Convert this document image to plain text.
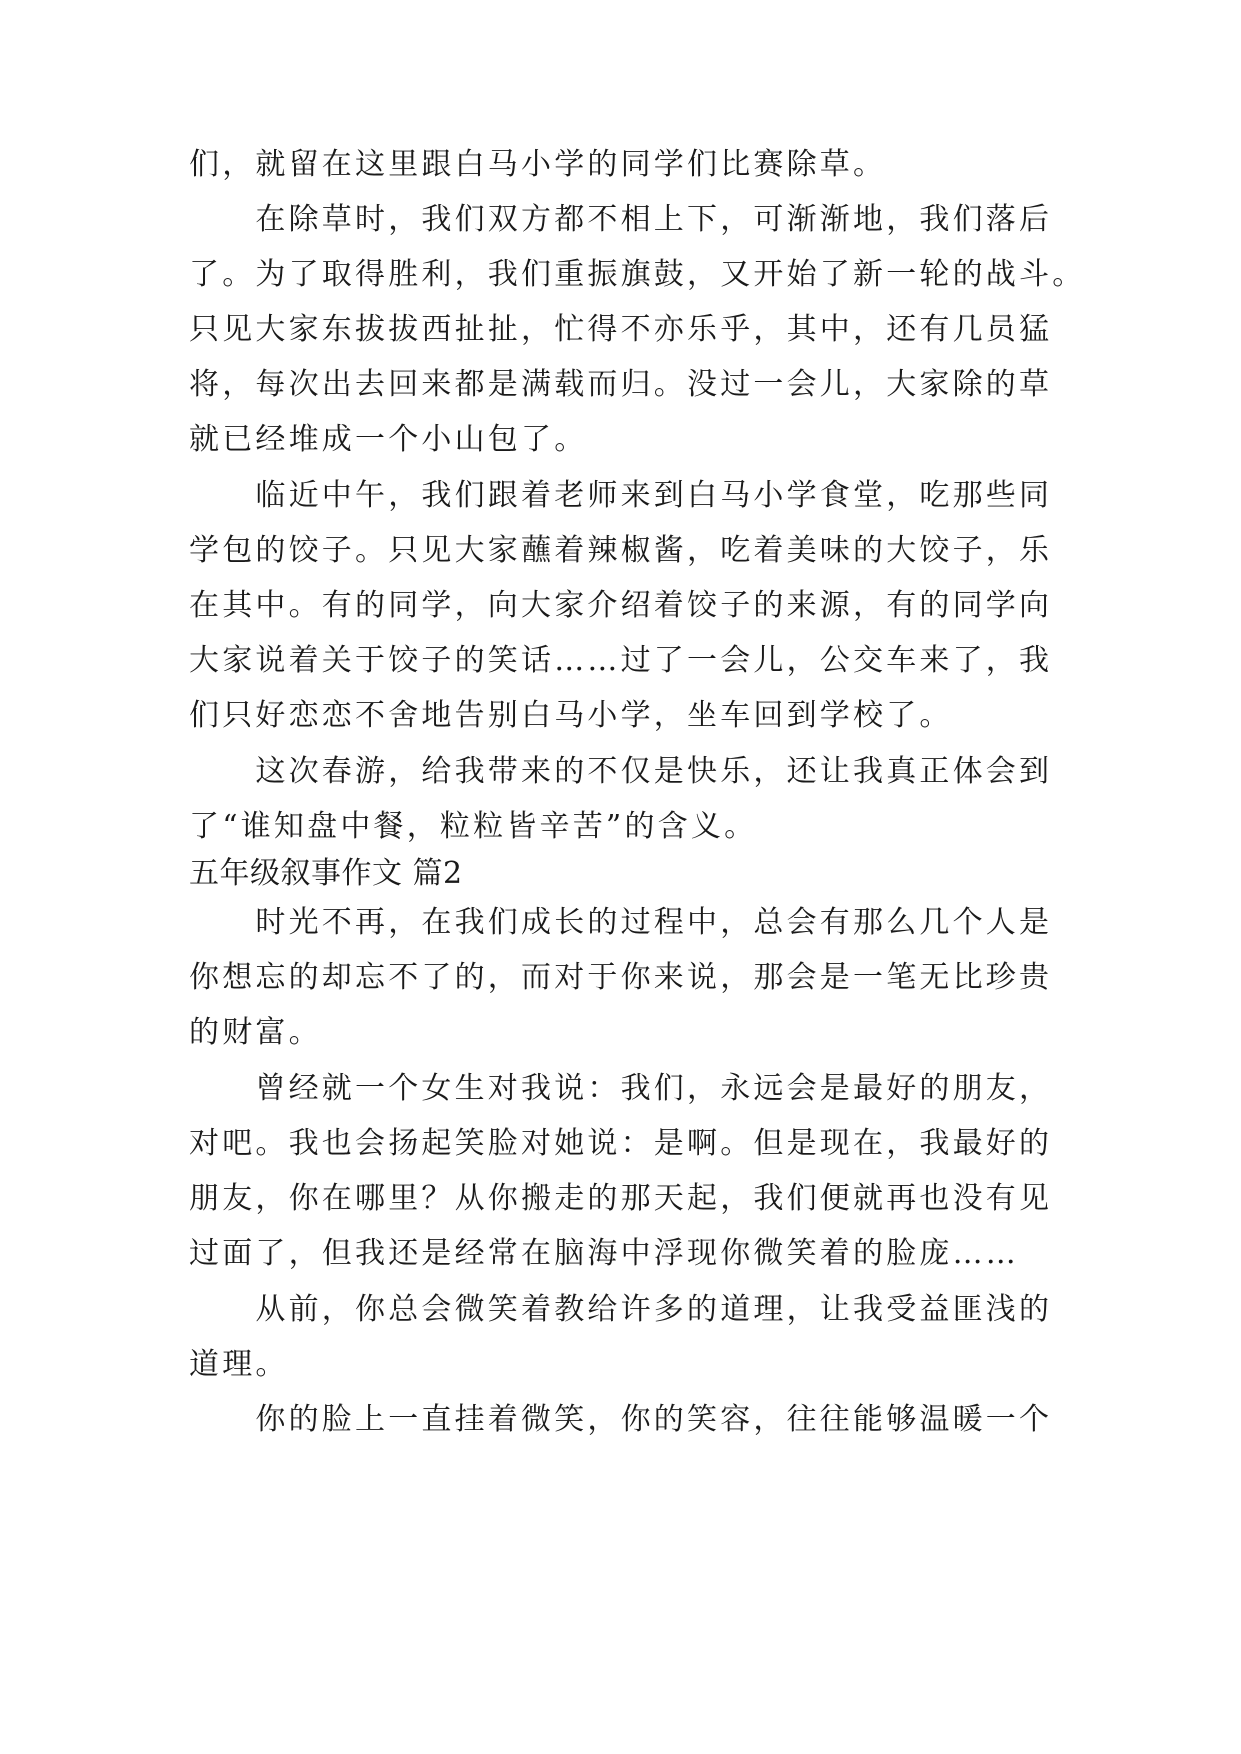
们，就留在这里跟白马小学的同学们比赛除草。
　　在除草时，我们双方都不相上下，可渐渐地，我们落后
了。为了取得胜利，我们重振旗鼓，又开始了新一轮的战斗。
只见大家东拔拔西扯扯，忙得不亦乐乎，其中，还有几员猛
将，每次出去回来都是满载而归。没过一会儿，大家除的草
就已经堆成一个小山包了。
　　临近中午，我们跟着老师来到白马小学食堂，吃那些同
学包的饺子。只见大家蘸着辣椒酱，吃着美味的大饺子，乐
在其中。有的同学，向大家介绍着饺子的来源，有的同学向
大家说着关于饺子的笑话……过了一会儿，公交车来了，我
们只好恋恋不舍地告别白马小学，坐车回到学校了。
　　这次春游，给我带来的不仅是快乐，还让我真正体会到
了“谁知盘中餐，粒粒皆辛苦”的含义。
五年级叙事作文 篇2
　　时光不再，在我们成长的过程中，总会有那么几个人是
你想忘的却忘不了的，而对于你来说，那会是一笔无比珍贵
的财富。
　　曾经就一个女生对我说：我们，永远会是最好的朋友，
对吧。我也会扬起笑脸对她说：是啊。但是现在，我最好的
朋友，你在哪里？从你搬走的那天起，我们便就再也没有见
过面了，但我还是经常在脑海中浮现你微笑着的脸庞……
　　从前，你总会微笑着教给许多的道理，让我受益匪浅的
道理。
　　你的脸上一直挂着微笑，你的笑容，往往能够温暖一个
